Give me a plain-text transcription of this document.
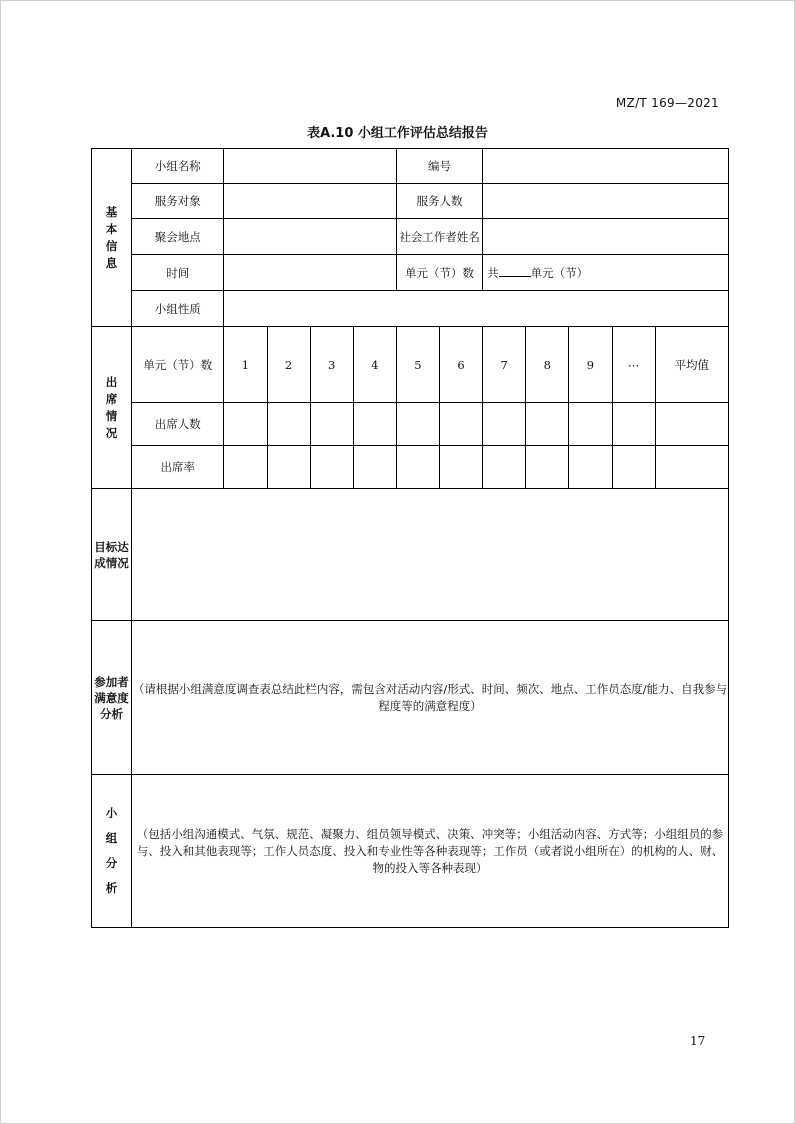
MZ/T 169—2021
表A.10 小组工作评估总结报告
基本信息	小组名称					编号						
	服务对象					服务人数						
	聚会地点					社会工作者姓名						
	时间					单元（节）数		共 单元（节）				
	小组性质											
出席情况	单元（节）数	1	2	3	4	5	6	7	8	9	⋯	平均值
	出席人数											
	出席率											
目标达成情况												
参加者满意度分析	（请根据小组满意度调查表总结此栏内容，需包含对活动内容/形式、时间、频次、地点、工作员态度/能力、自我参与程度等的满意程度）											
小组分析	（包括小组沟通模式、气氛、规范、凝聚力、组员领导模式、决策、冲突等；小组活动内容、方式等；小组组员的参与、投入和其他表现等；工作人员态度、投入和专业性等各种表现等；工作员（或者说小组所在）的机构的人、财、物的投入等各种表现）											
17
